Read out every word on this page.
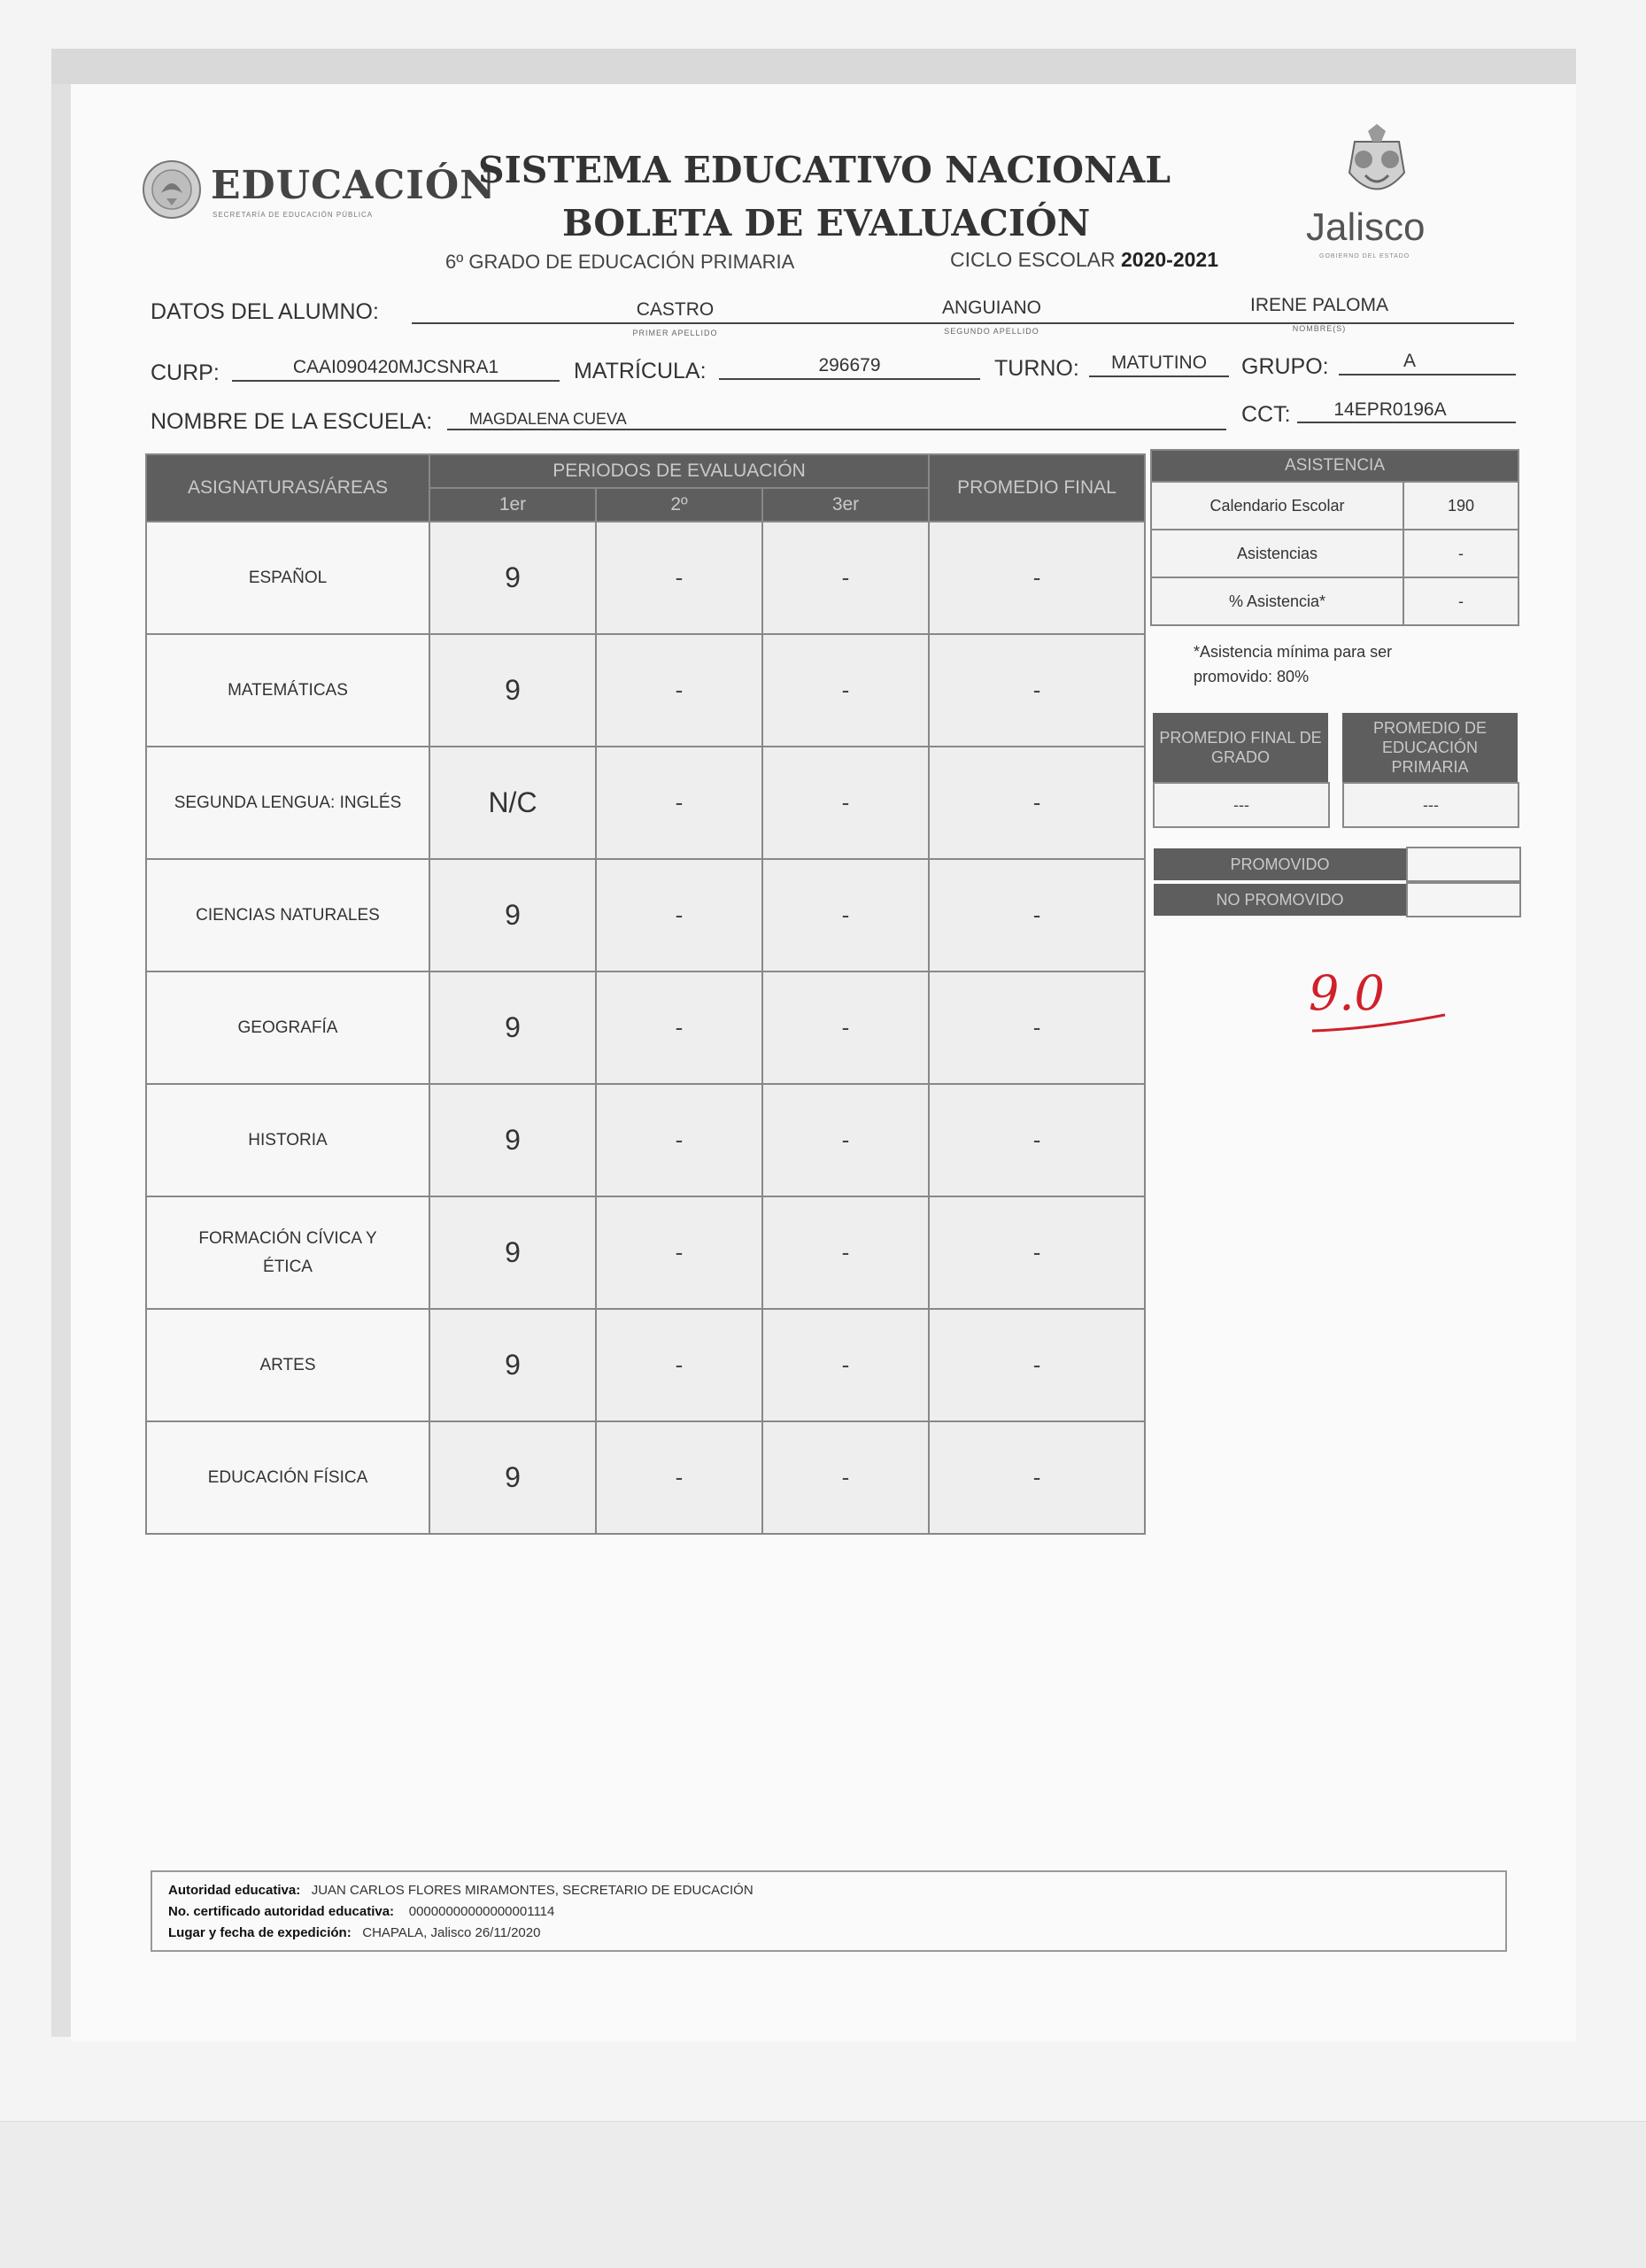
EDUCACIÓN
SECRETARÍA DE EDUCACIÓN PÚBLICA
SISTEMA EDUCATIVO NACIONAL
BOLETA DE EVALUACIÓN
6º GRADO DE EDUCACIÓN PRIMARIA	CICLO ESCOLAR 2020-2021
Jalisco
GOBIERNO DEL ESTADO
DATOS DEL ALUMNO:	CASTRO
PRIMER APELLIDO
ANGUIANO
SEGUNDO APELLIDO
IRENE PALOMA
NOMBRE(S)
CURP:	CAAI090420MJCSNRA1	MATRÍCULA:	296679	TURNO:	MATUTINO	GRUPO:	A
NOMBRE DE LA ESCUELA: MAGDALENA CUEVA	CCT:	14EPR0196A
ASIGNATURAS/ÁREAS	PERIODOS DE EVALUACIÓN			PROMEDIO FINAL
	1er	2º	3er	
ESPAÑOL	9	-	-	-
MATEMÁTICAS	9	-	-	-
SEGUNDA LENGUA: INGLÉS	N/C	-	-	-
CIENCIAS NATURALES	9	-	-	-
GEOGRAFÍA	9	-	-	-
HISTORIA	9	-	-	-
FORMACIÓN CÍVICA Y ÉTICA	9	-	-	-
ARTES	9	-	-	-
EDUCACIÓN FÍSICA	9	-	-	-
ASISTENCIA	
Calendario Escolar	190
Asistencias	-
% Asistencia*	-
*Asistencia mínima para ser promovido: 80%
PROMEDIO FINAL DE GRADO
---
PROMEDIO DE EDUCACIÓN PRIMARIA
---
PROMOVIDO
NO PROMOVIDO
9.0
Autoridad educativa: JUAN CARLOS FLORES MIRAMONTES, SECRETARIO DE EDUCACIÓN
No. certificado autoridad educativa: 00000000000000001114
Lugar y fecha de expedición: CHAPALA, Jalisco 26/11/2020
